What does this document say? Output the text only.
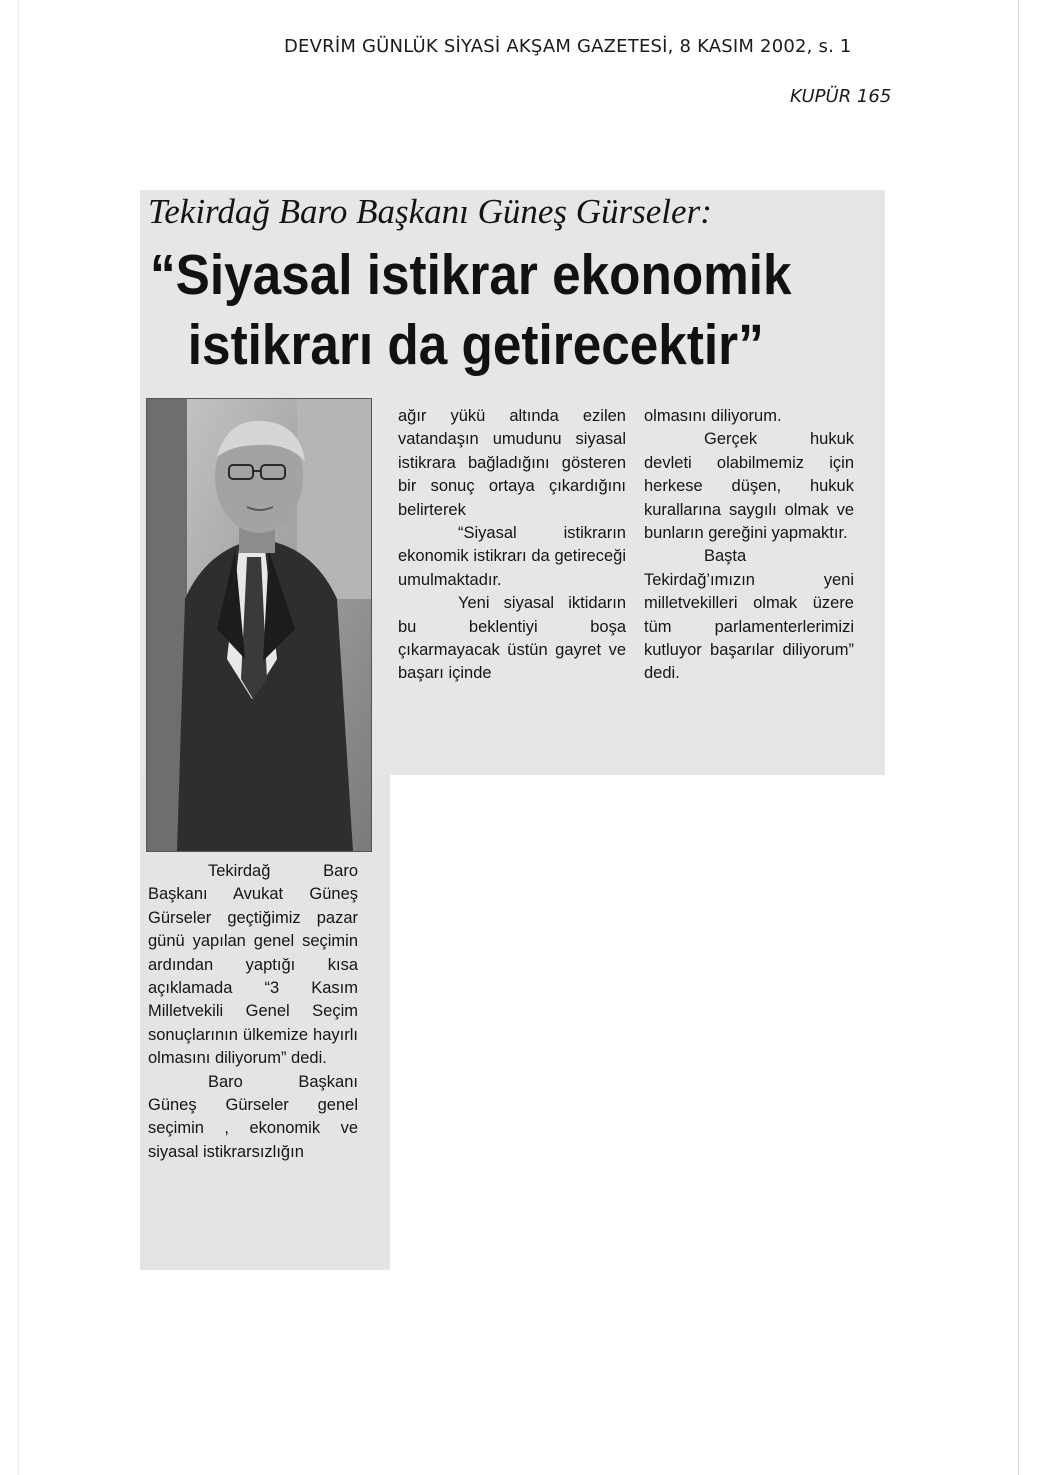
DEVRİM GÜNLÜK SİYASİ AKŞAM GAZETESİ, 8 KASIM 2002, s. 1
KUPÜR 165
Tekirdağ Baro Başkanı Güneş Gürseler:
“Siyasal istikrar ekonomik
istikrarı da getirecektir”

ağır yükü altında ezilen vatandaşın umudunu siyasal istikrara bağladığını gösteren bir sonuç ortaya çıkardığını belirterek

“Siyasal istikrarın ekonomik istikrarı da getireceği umulmaktadır.

Yeni siyasal iktidarın bu beklentiyi boşa çıkarmayacak üstün gayret ve başarı içinde

olmasını diliyorum.

Gerçek hukuk devleti olabilmemiz için herkese düşen, hukuk kurallarına saygılı olmak ve bunların gereğini yapmaktır.

Başta Tekirdağ’ımızın yeni milletvekilleri olmak üzere tüm parlamenterlerimizi kutluyor başarılar diliyorum” dedi.

Tekirdağ Baro Başkanı Avukat Güneş Gürseler geçtiğimiz pazar günü yapılan genel seçimin ardından yaptığı kısa açıklamada “3 Kasım Milletvekili Genel Seçim sonuçlarının ülkemize hayırlı olmasını diliyorum” dedi.

Baro Başkanı Güneş Gürseler genel seçimin , ekonomik ve siyasal istikrarsızlığın
